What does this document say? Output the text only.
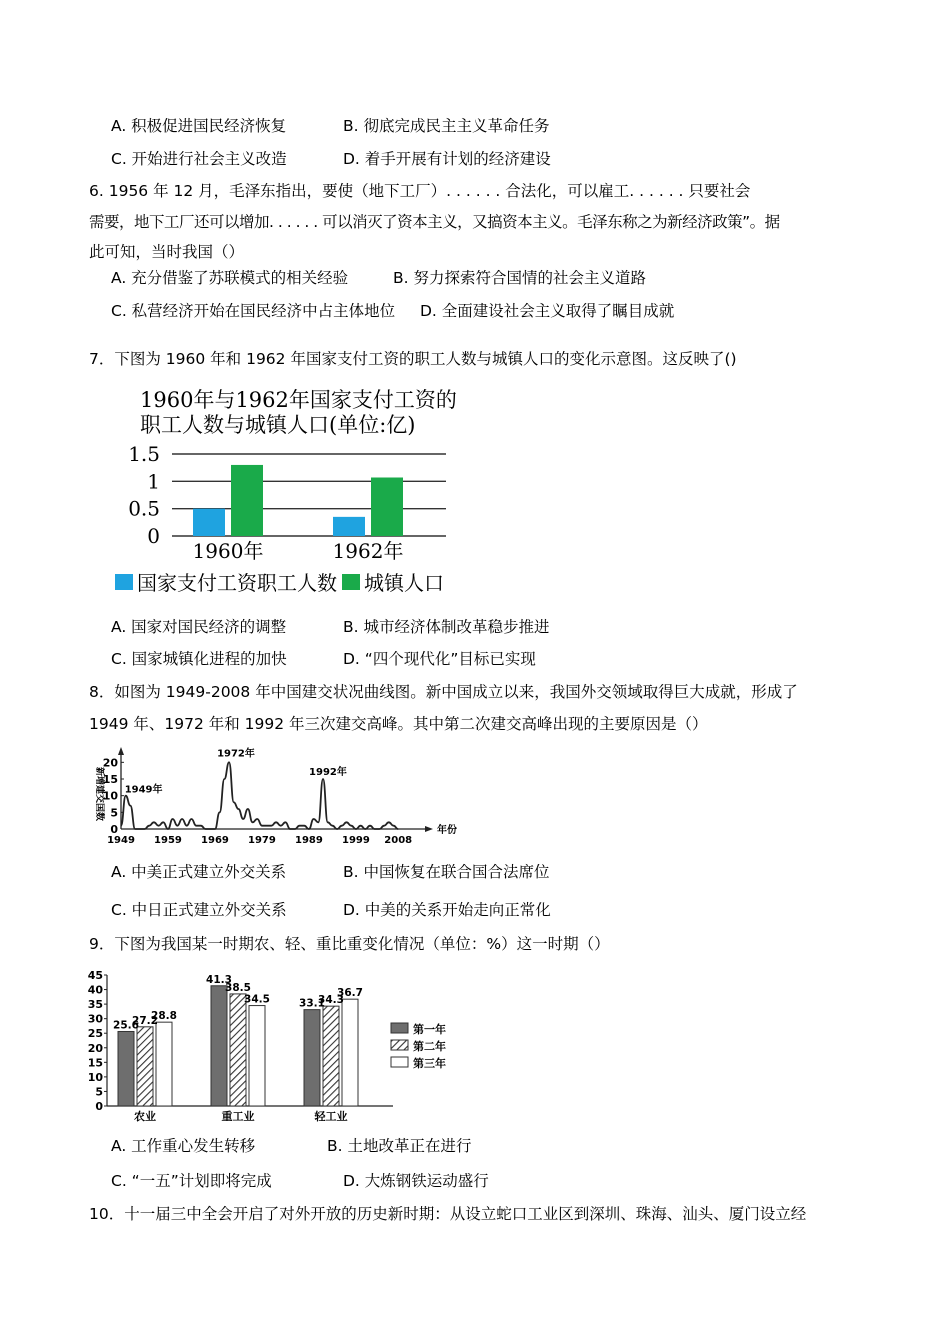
A. 积极促进国民经济恢复	B. 彻底完成民主主义革命任务
C. 开始进行社会主义改造	D. 着手开展有计划的经济建设
6. 1956 年 12 月，毛泽东指出，要使（地下工厂）. . . . . . 合法化，可以雇工. . . . . . 只要社会
需要，地下工厂还可以增加. . . . . . 可以消灭了资本主义，又搞资本主义。毛泽东称之为新经济政策”。据
此可知，当时我国（）
A. 充分借鉴了苏联模式的相关经验	B. 努力探索符合国情的社会主义道路
C. 私营经济开始在国民经济中占主体地位 D. 全面建设社会主义取得了瞩目成就
7．下图为 1960 年和 1962 年国家支付工资的职工人数与城镇人口的变化示意图。这反映了()
1960年与1962年国家支付工资的
职工人数与城镇人口(单位:亿)
0
0.5
1
1.5
1960年	1962年
国家支付工资职工人数 城镇人口
A. 国家对国民经济的调整	B. 城市经济体制改革稳步推进
C. 国家城镇化进程的加快	D. “四个现代化”目标已实现
8．如图为 1949-2008 年中国建交状况曲线图。新中国成立以来，我国外交领域取得巨大成就，形成了
1949 年、1972 年和 1992 年三次建交高峰。其中第二次建交高峰出现的主要原因是（）
新增建交国数
0
5
10
15
20
1949 1959 1969 1979 1989 1999 2008
1949年
1972年
1992年
年份
A. 中美正式建立外交关系	B. 中国恢复在联合国合法席位
C. 中日正式建立外交关系	D. 中美的关系开始走向正常化
9．下图为我国某一时期农、轻、重比重变化情况（单位：%）这一时期（）
0
5
10
15
20
25
30
35
40
45
25.6
27.2
28.8
41.3
38.5
34.5	33.1
34.3
36.7
农业	重工业	轻工业
第一年
第二年
第三年
A. 工作重心发生转移	B. 土地改革正在进行
C. “一五”计划即将完成	D. 大炼钢铁运动盛行
10．十一届三中全会开启了对外开放的历史新时期：从设立蛇口工业区到深圳、珠海、汕头、厦门设立经
